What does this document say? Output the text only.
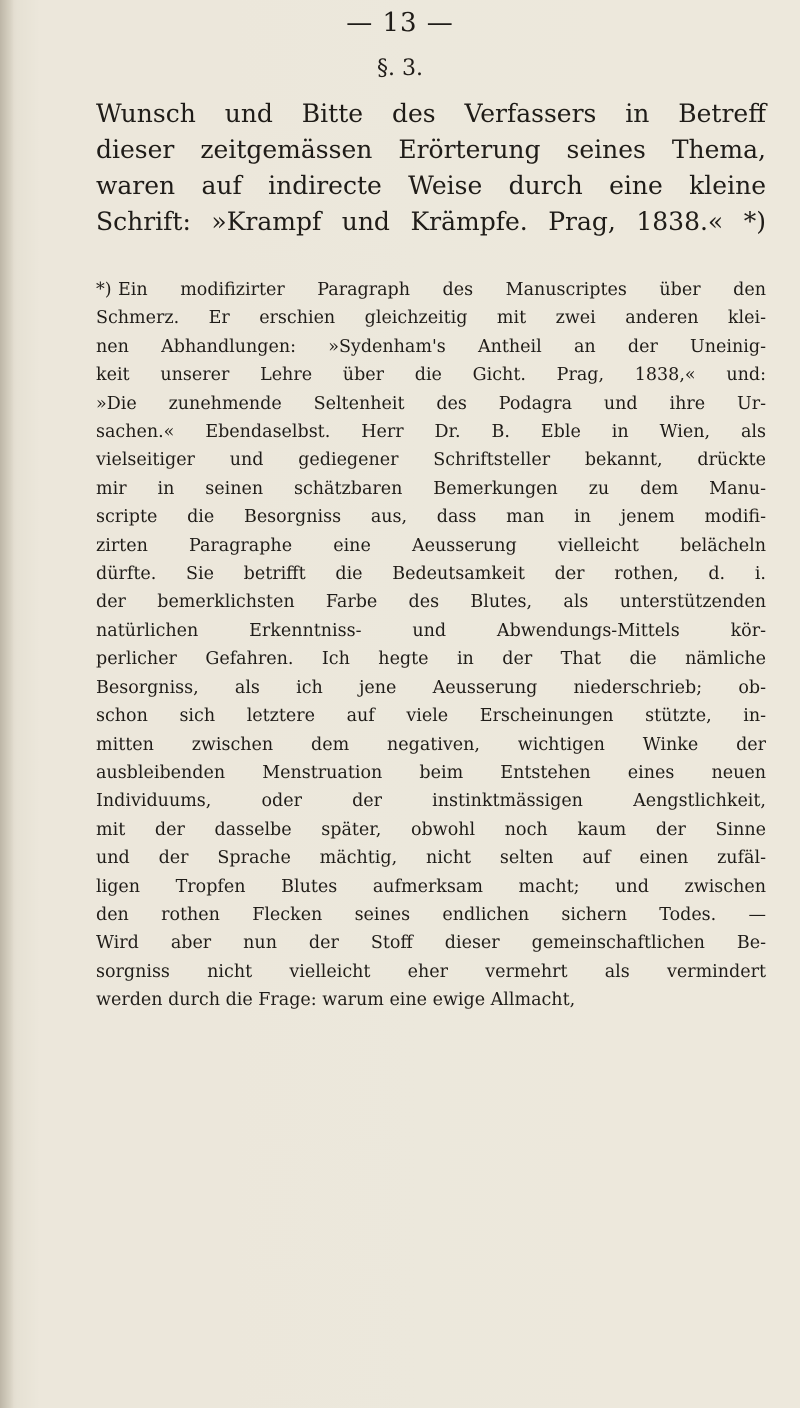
— 13 —
§. 3.
Wunsch und Bitte des Verfassers in Betreff
dieser zeitgemässen Erörterung seines Thema,
waren auf indirecte Weise durch eine kleine
Schrift: »Krampf und Krämpfe. Prag, 1838.« *)
*) Ein modifizirter Paragraph des Manuscriptes über den
Schmerz. Er erschien gleichzeitig mit zwei anderen klei-
nen Abhandlungen: »Sydenham's Antheil an der Uneinig-
keit unserer Lehre über die Gicht. Prag, 1838,« und:
»Die zunehmende Seltenheit des Podagra und ihre Ur-
sachen.« Ebendaselbst. Herr Dr. B. Eble in Wien, als
vielseitiger und gediegener Schriftsteller bekannt, drückte
mir in seinen schätzbaren Bemerkungen zu dem Manu-
scripte die Besorgniss aus, dass man in jenem modifi-
zirten Paragraphe eine Aeusserung vielleicht belächeln
dürfte. Sie betrifft die Bedeutsamkeit der rothen, d. i.
der bemerklichsten Farbe des Blutes, als unterstützenden
natürlichen Erkenntniss- und Abwendungs-Mittels kör-
perlicher Gefahren. Ich hegte in der That die nämliche
Besorgniss, als ich jene Aeusserung niederschrieb; ob-
schon sich letztere auf viele Erscheinungen stützte, in-
mitten zwischen dem negativen, wichtigen Winke der
ausbleibenden Menstruation beim Entstehen eines neuen
Individuums, oder der instinktmässigen Aengstlichkeit,
mit der dasselbe später, obwohl noch kaum der Sinne
und der Sprache mächtig, nicht selten auf einen zufäl-
ligen Tropfen Blutes aufmerksam macht; und zwischen
den rothen Flecken seines endlichen sichern Todes. —
Wird aber nun der Stoff dieser gemeinschaftlichen Be-
sorgniss nicht vielleicht eher vermehrt als vermindert
werden durch die Frage: warum eine ewige Allmacht,
